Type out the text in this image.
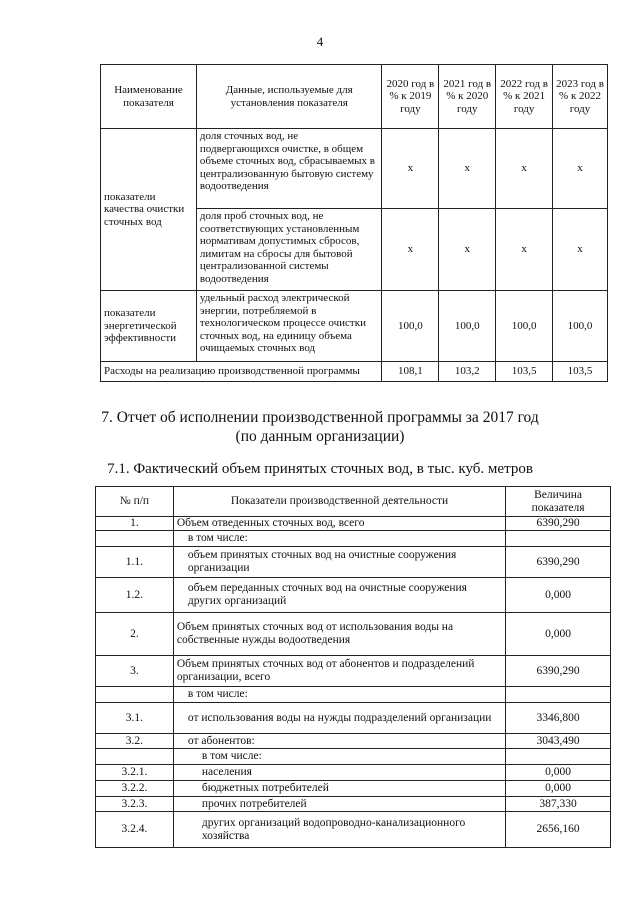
4
Наименование показателя	Данные, используемые для установления показателя	2020 год в % к 2019 году	2021 год в % к 2020 году	2022 год в % к 2021 году	2023 год в % к 2022 году
показатели качества очистки сточных вод	доля сточных вод, не подвергающихся очистке, в общем объеме сточных вод, сбрасываемых в централизованную бытовую систему водоотведения	х	х	х	х
	доля проб сточных вод, не соответствующих установленным нормативам допустимых сбросов, лимитам на сбросы для бытовой централизованной системы водоотведения	х	х	х	х
показатели энергетической эффективности	удельный расход электрической энергии, потребляемой в технологическом процессе очистки сточных вод, на единицу объема очищаемых сточных вод	100,0	100,0	100,0	100,0
Расходы на реализацию производственной программы		108,1	103,2	103,5	103,5
7. Отчет об исполнении производственной программы за 2017 год
(по данным организации)
7.1. Фактический объем принятых сточных вод, в тыс. куб. метров
№ п/п	Показатели производственной деятельности	Величина показателя
1.	Объем отведенных сточных вод, всего	6390,290
	в том числе:	
1.1.	объем принятых сточных вод на очистные сооружения организации	6390,290
1.2.	объем переданных сточных вод на очистные сооружения других организаций	0,000
2.	Объем принятых сточных вод от использования воды на собственные нужды водоотведения	0,000
3.	Объем принятых сточных вод от абонентов и подразделений организации, всего	6390,290
	в том числе:	
3.1.	от использования воды на нужды подразделений организации	3346,800
3.2.	от абонентов:	3043,490
	в том числе:	
3.2.1.	населения	0,000
3.2.2.	бюджетных потребителей	0,000
3.2.3.	прочих потребителей	387,330
3.2.4.	других организаций водопроводно-канализационного хозяйства	2656,160
